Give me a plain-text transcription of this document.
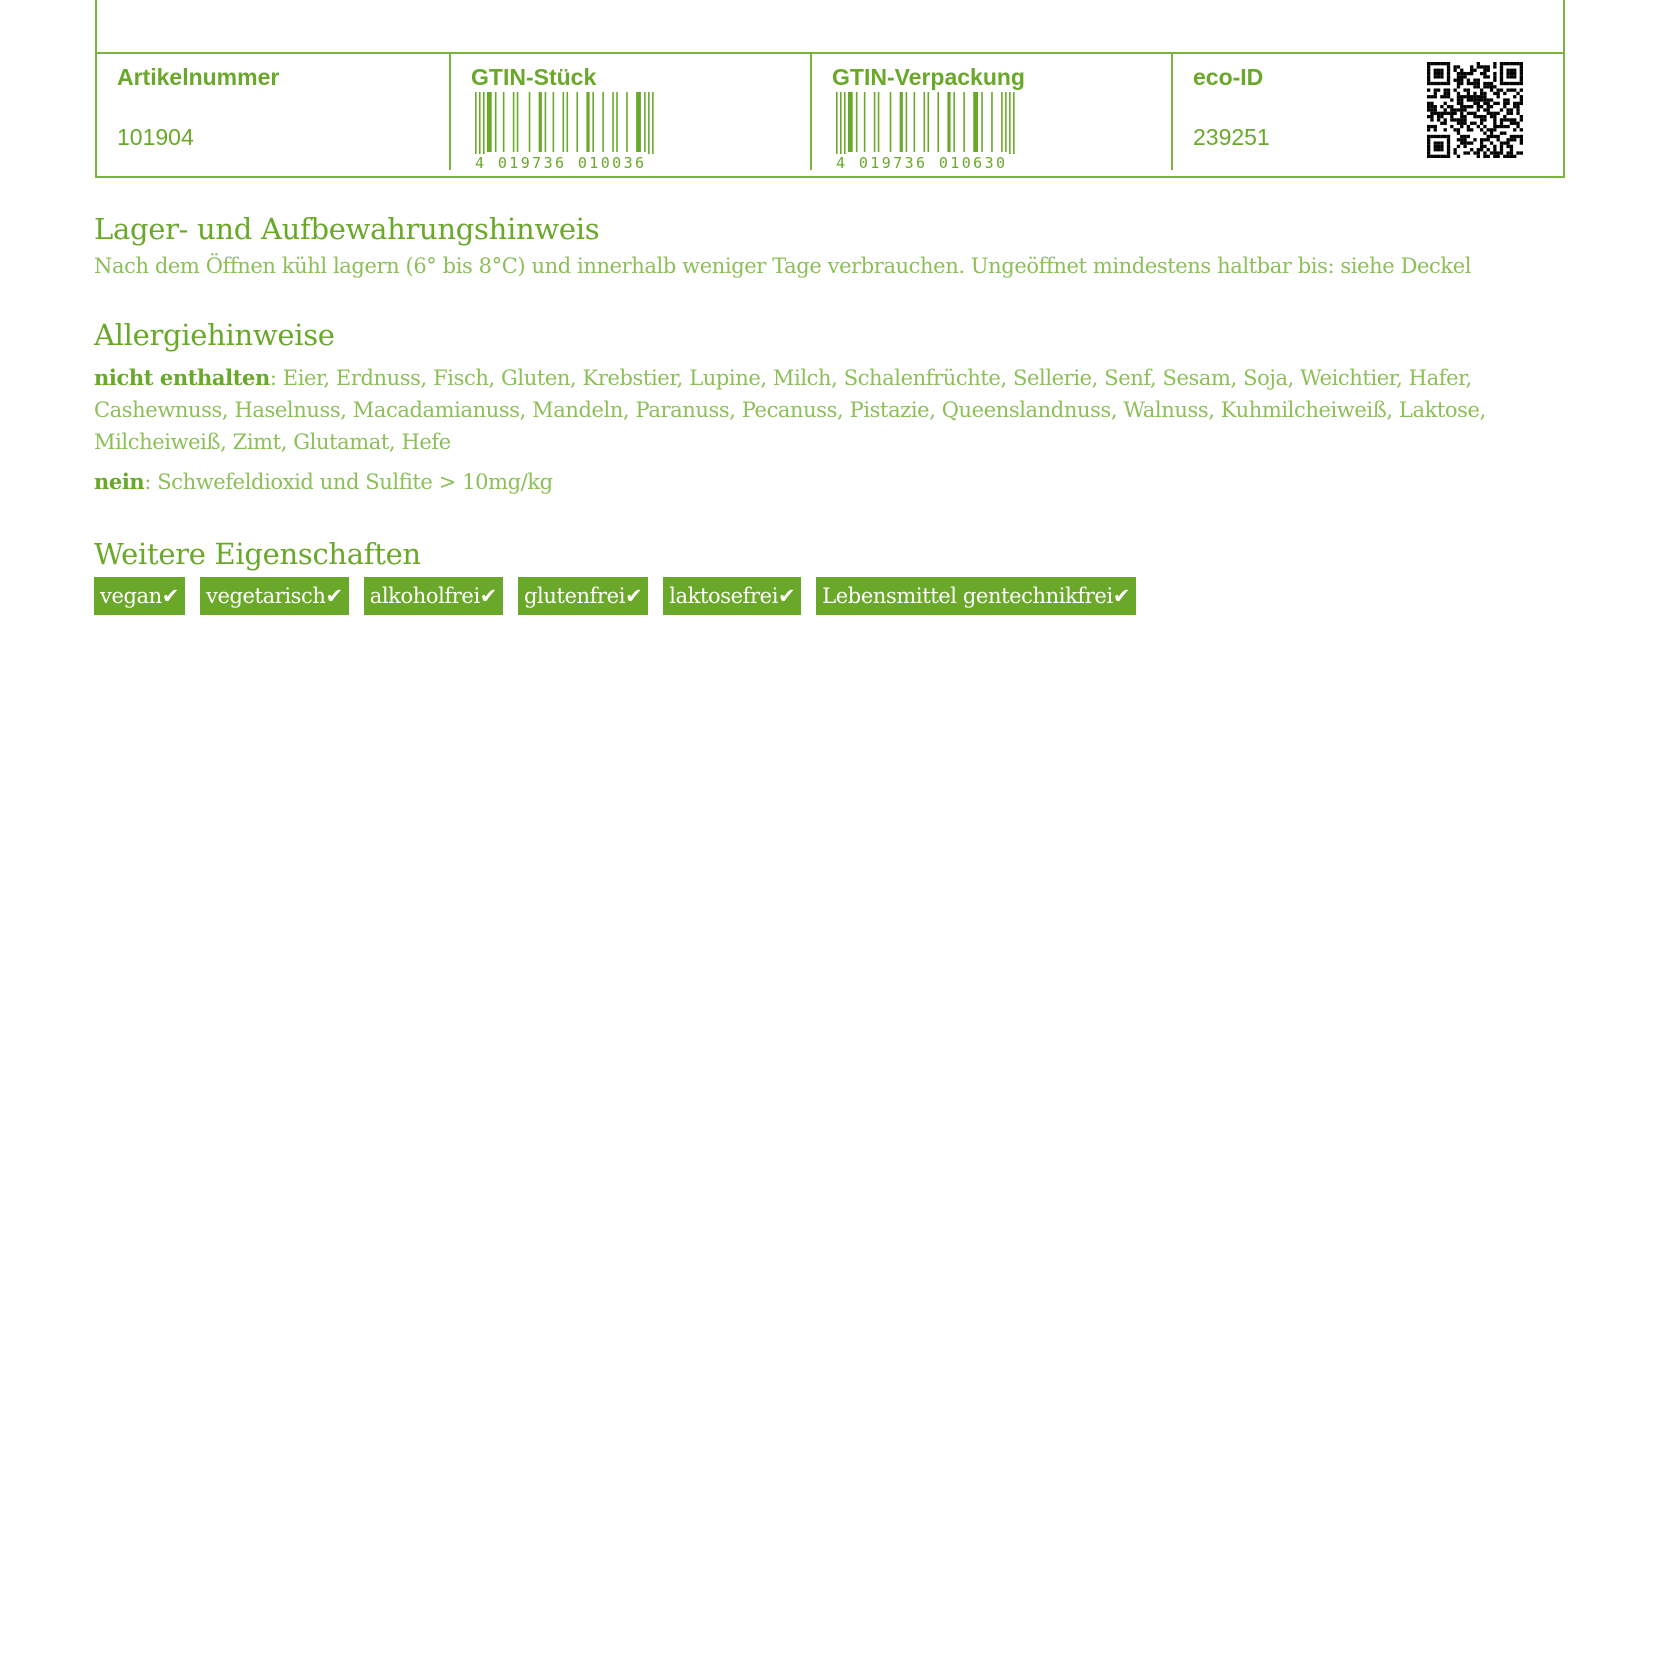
Artikelnummer
101904
GTIN-Stück
4 019736 010036
GTIN-Verpackung
4 019736 010630
eco-ID
239251
Lager- und Aufbewahrungshinweis

Nach dem Öffnen kühl lagern (6° bis 8°C) und innerhalb weniger Tage verbrauchen. Ungeöffnet mindestens haltbar bis: siehe Deckel

Allergiehinweise

nicht enthalten: Eier, Erdnuss, Fisch, Gluten, Krebstier, Lupine, Milch, Schalenfrüchte, Sellerie, Senf, Sesam, Soja, Weichtier, Hafer, Cashewnuss, Haselnuss, Macadamianuss, Mandeln, Paranuss, Pecanuss, Pistazie, Queenslandnuss, Walnuss, Kuhmilcheiweiß, Laktose, Milcheiweiß, Zimt, Glutamat, Hefe

nein: Schwefeldioxid und Sulfite > 10mg/kg

Weitere Eigenschaften
vegan✔ vegetarisch✔ alkoholfrei✔ glutenfrei✔ laktosefrei✔ Lebensmittel gentechnikfrei✔
